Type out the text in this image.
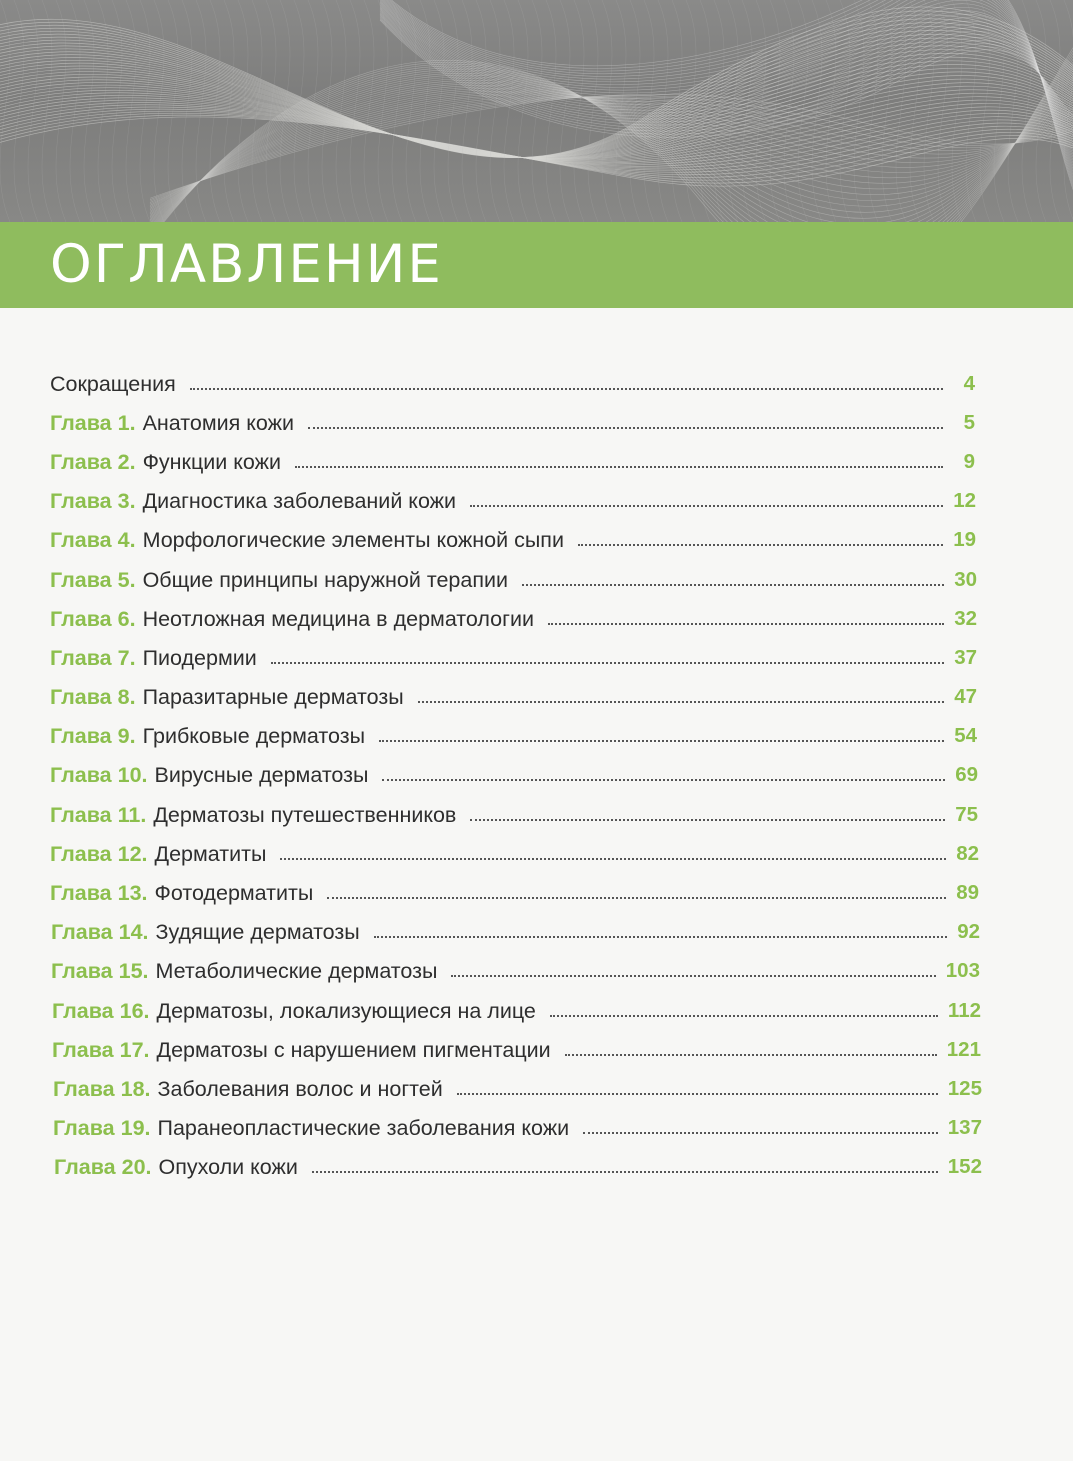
ОГЛАВЛЕНИЕ
Сокращения	4
Глава 1. Анатомия кожи	5
Глава 2. Функции кожи	9
Глава 3. Диагностика заболеваний кожи	12
Глава 4. Морфологические элементы кожной сыпи	19
Глава 5. Общие принципы наружной терапии	30
Глава 6. Неотложная медицина в дерматологии	32
Глава 7. Пиодермии	37
Глава 8. Паразитарные дерматозы	47
Глава 9. Грибковые дерматозы	54
Глава 10. Вирусные дерматозы	69
Глава 11. Дерматозы путешественников	75
Глава 12. Дерматиты	82
Глава 13. Фотодерматиты	89
Глава 14. Зудящие дерматозы	92
Глава 15. Метаболические дерматозы	103
Глава 16. Дерматозы, локализующиеся на лице	112
Глава 17. Дерматозы с нарушением пигментации	121
Глава 18. Заболевания волос и ногтей	125
Глава 19. Паранеопластические заболевания кожи	137
Глава 20. Опухоли кожи	152
